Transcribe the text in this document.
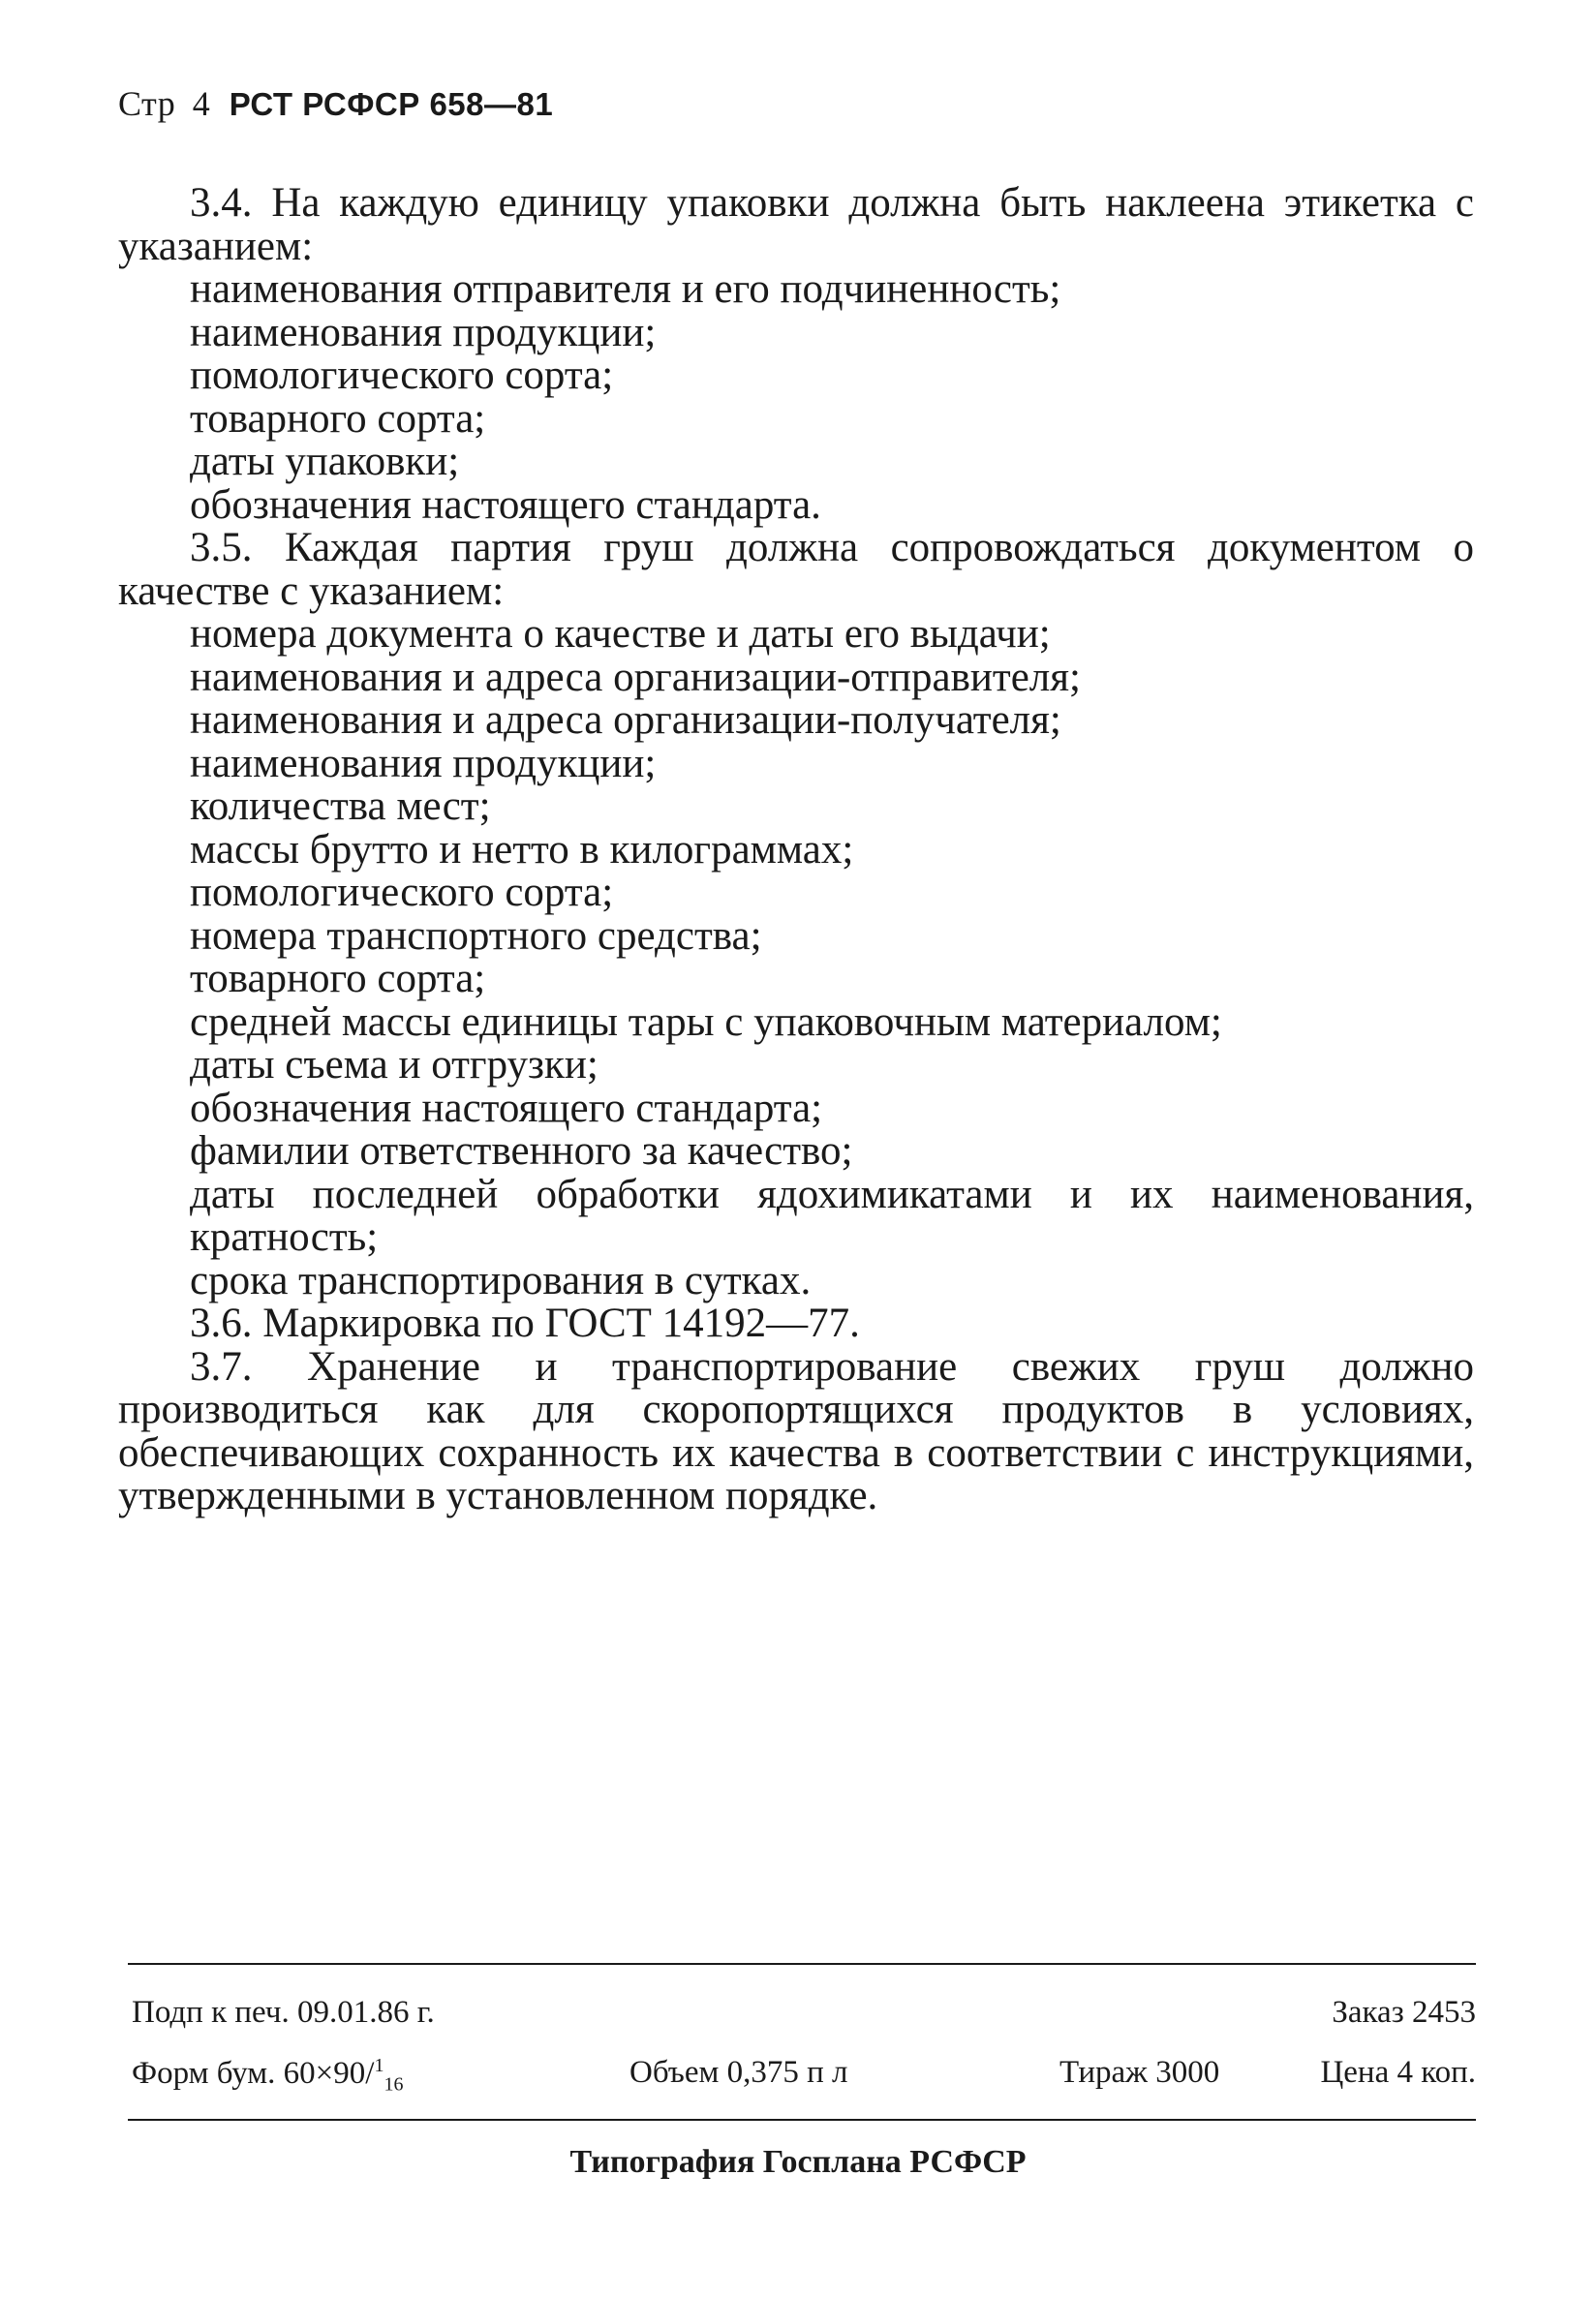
Стр 4 РСТ РСФСР 658—81

3.4. На каждую единицу упаковки должна быть наклеена этикетка с указанием:

наименования отправителя и его подчиненность;

наименования продукции;

помологического сорта;

товарного сорта;

даты упаковки;

обозначения настоящего стандарта.

3.5. Каждая партия груш должна сопровождаться документом о качестве с указанием:

номера документа о качестве и даты его выдачи;

наименования и адреса организации-отправителя;

наименования и адреса организации-получателя;

наименования продукции;

количества мест;

массы брутто и нетто в килограммах;

помологического сорта;

номера транспортного средства;

товарного сорта;

средней массы единицы тары с упаковочным материалом;

даты съема и отгрузки;

обозначения настоящего стандарта;

фамилии ответственного за качество;

даты последней обработки ядохимикатами и их наименования, кратность;

срока транспортирования в сутках.

3.6. Маркировка по ГОСТ 14192—77.

3.7. Хранение и транспортирование свежих груш должно производиться как для скоропортящихся продуктов в условиях, обеспечивающих сохранность их качества в соответствии с инструкциями, утвержденными в установленном порядке.

Подп к печ. 09.01.86 г.	Заказ 2453
Форм бум. 60×90/$^1_{16}$	Объем 0,375 п л	Тираж 3000	Цена 4 коп.
Типография Госплана РСФСР
